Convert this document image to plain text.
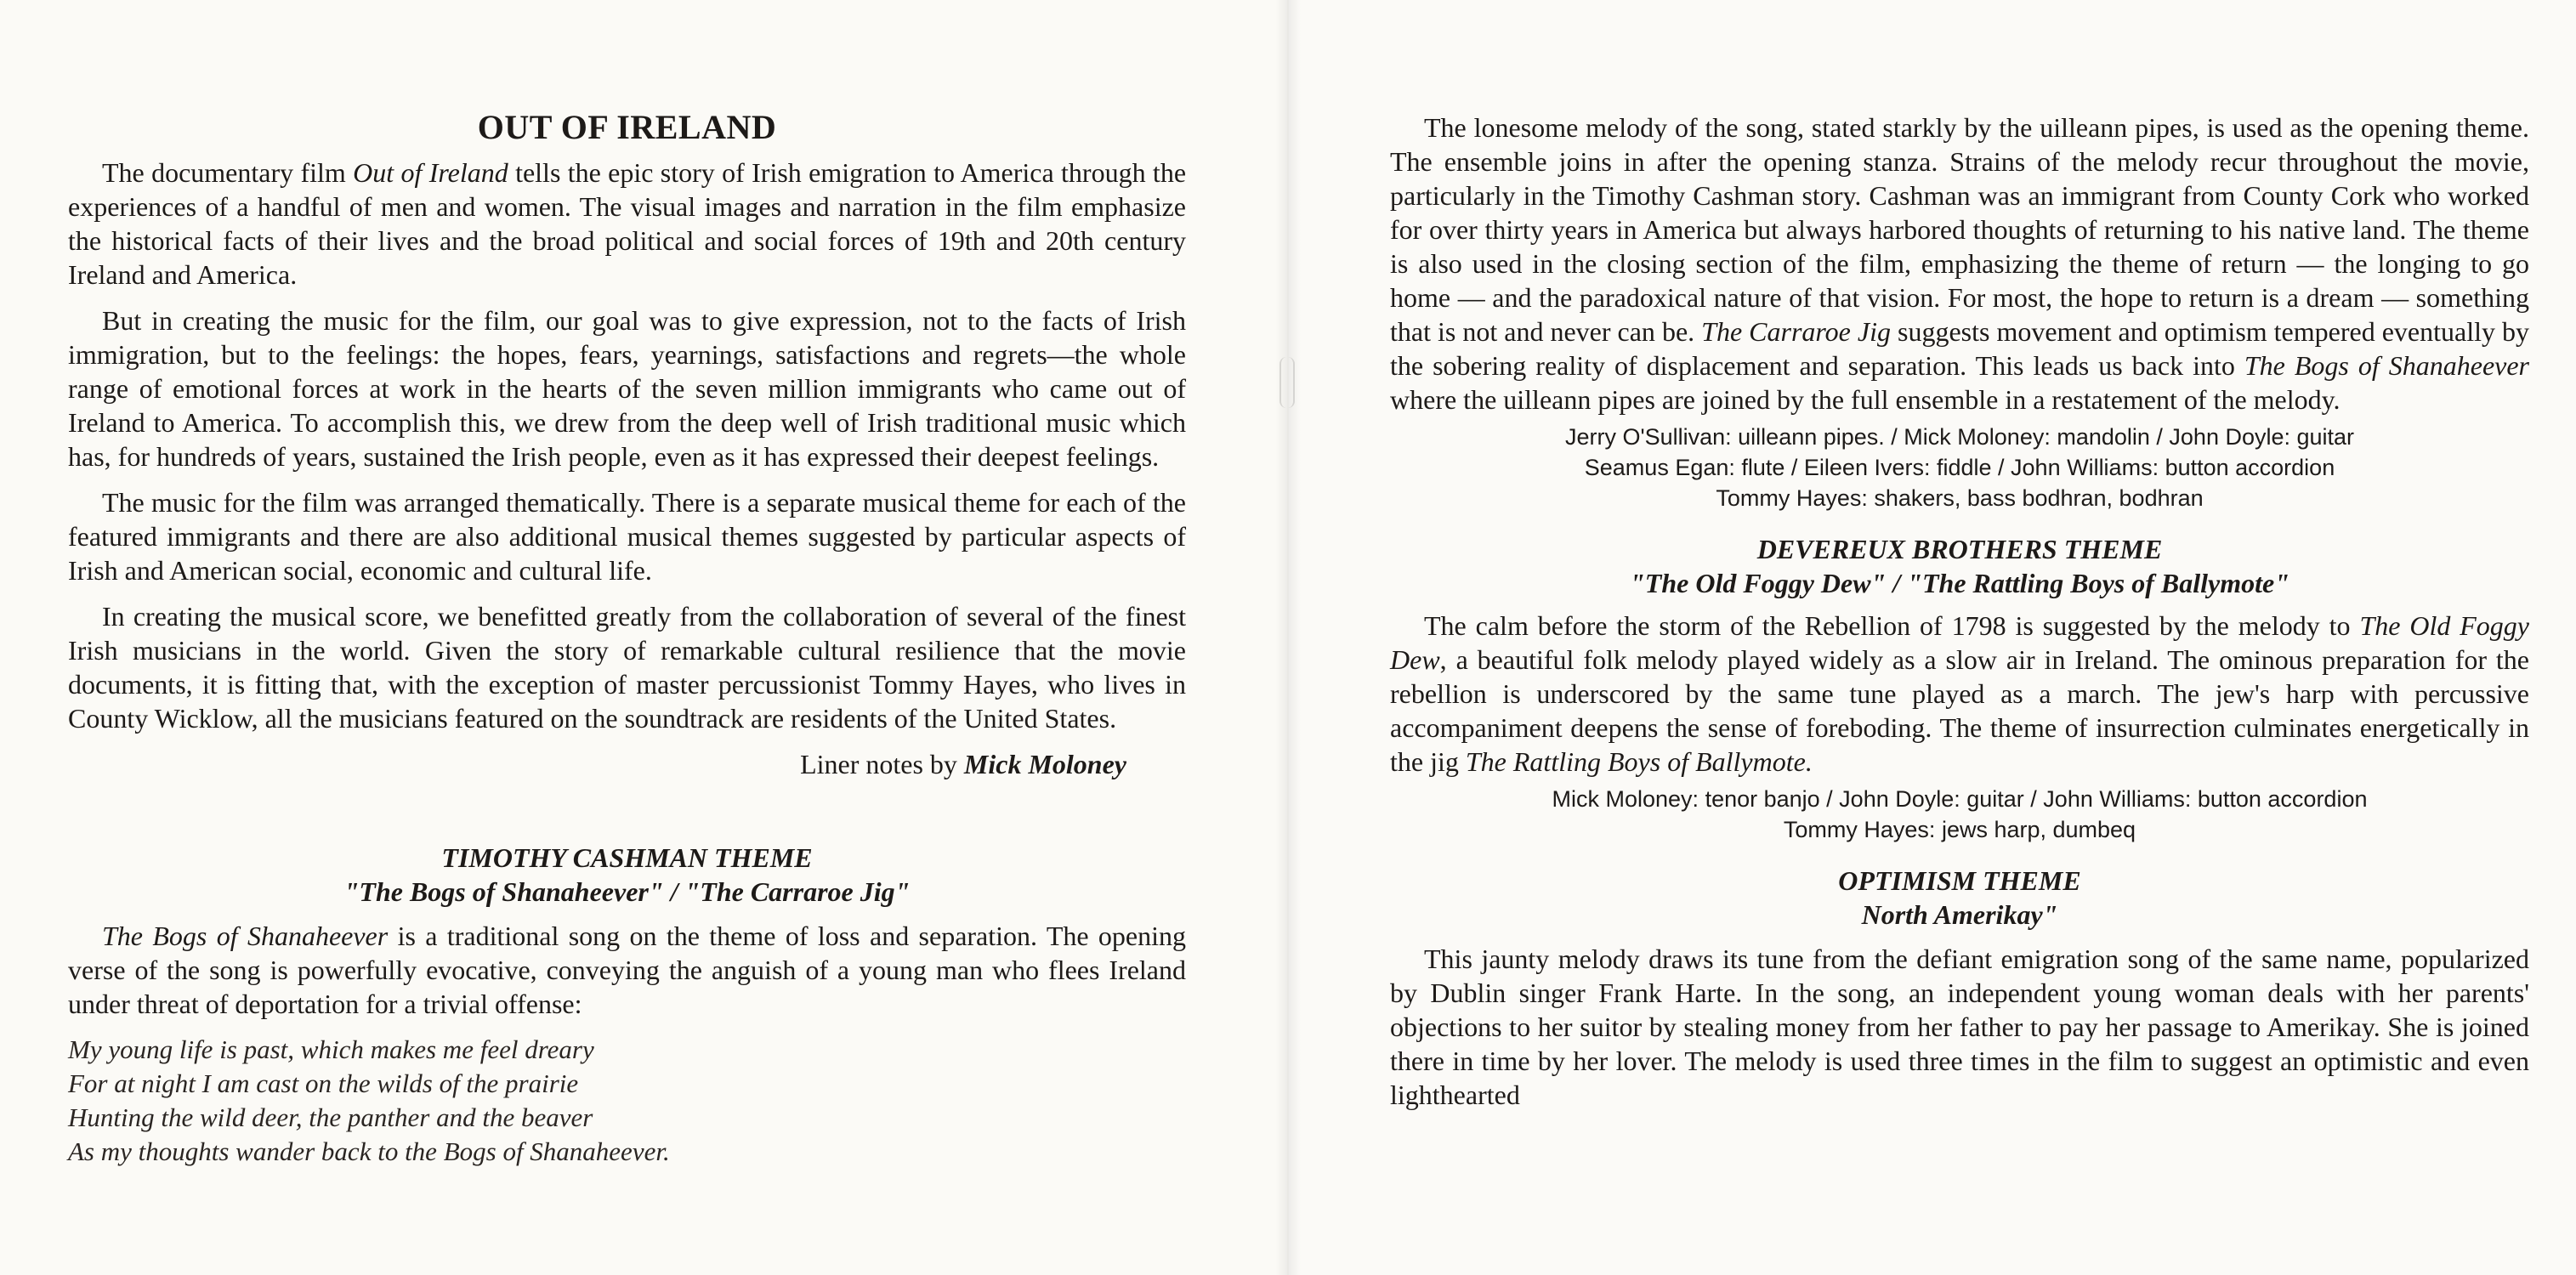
OUT OF IRELAND

The documentary film Out of Ireland tells the epic story of Irish emigration to America through the experiences of a handful of men and women. The visual images and narration in the film emphasize the historical facts of their lives and the broad political and social forces of 19th and 20th century Ireland and America.

But in creating the music for the film, our goal was to give expression, not to the facts of Irish immigration, but to the feelings: the hopes, fears, yearnings, satisfactions and regrets—the whole range of emotional forces at work in the hearts of the seven million immigrants who came out of Ireland to America. To accomplish this, we drew from the deep well of Irish traditional music which has, for hundreds of years, sustained the Irish people, even as it has expressed their deepest feelings.

The music for the film was arranged thematically. There is a separate musical theme for each of the featured immigrants and there are also additional musical themes suggested by particular aspects of Irish and American social, economic and cultural life.

In creating the musical score, we benefitted greatly from the collaboration of several of the finest Irish musicians in the world. Given the story of remarkable cultural resilience that the movie documents, it is fitting that, with the exception of master percussionist Tommy Hayes, who lives in County Wicklow, all the musicians featured on the soundtrack are residents of the United States.

Liner notes by Mick Moloney
TIMOTHY CASHMAN THEME
"The Bogs of Shanaheever" / "The Carraroe Jig"

The Bogs of Shanaheever is a traditional song on the theme of loss and separation. The opening verse of the song is powerfully evocative, conveying the anguish of a young man who flees Ireland under threat of deportation for a trivial offense:

My young life is past, which makes me feel dreary
For at night I am cast on the wilds of the prairie
Hunting the wild deer, the panther and the beaver
As my thoughts wander back to the Bogs of Shanaheever.

The lonesome melody of the song, stated starkly by the uilleann pipes, is used as the opening theme. The ensemble joins in after the opening stanza. Strains of the melody recur throughout the movie, particularly in the Timothy Cashman story. Cashman was an immigrant from County Cork who worked for over thirty years in America but always harbored thoughts of returning to his native land. The theme is also used in the closing section of the film, emphasizing the theme of return — the longing to go home — and the paradoxical nature of that vision. For most, the hope to return is a dream — something that is not and never can be. The Carraroe Jig suggests movement and optimism tempered eventually by the sobering reality of displacement and separation. This leads us back into The Bogs of Shanaheever where the uilleann pipes are joined by the full ensemble in a restatement of the melody.

Jerry O'Sullivan: uilleann pipes. / Mick Moloney: mandolin / John Doyle: guitar
Seamus Egan: flute / Eileen Ivers: fiddle / John Williams: button accordion
Tommy Hayes: shakers, bass bodhran, bodhran
DEVEREUX BROTHERS THEME
"The Old Foggy Dew" / "The Rattling Boys of Ballymote"

The calm before the storm of the Rebellion of 1798 is suggested by the melody to The Old Foggy Dew, a beautiful folk melody played widely as a slow air in Ireland. The ominous preparation for the rebellion is underscored by the same tune played as a march. The jew's harp with percussive accompaniment deepens the sense of foreboding. The theme of insurrection culminates energetically in the jig The Rattling Boys of Ballymote.

Mick Moloney: tenor banjo / John Doyle: guitar / John Williams: button accordion
Tommy Hayes: jews harp, dumbeq
OPTIMISM THEME
North Amerikay"

This jaunty melody draws its tune from the defiant emigration song of the same name, popularized by Dublin singer Frank Harte. In the song, an independent young woman deals with her parents' objections to her suitor by stealing money from her father to pay her passage to Amerikay. She is joined there in time by her lover. The melody is used three times in the film to suggest an optimistic and even lighthearted
